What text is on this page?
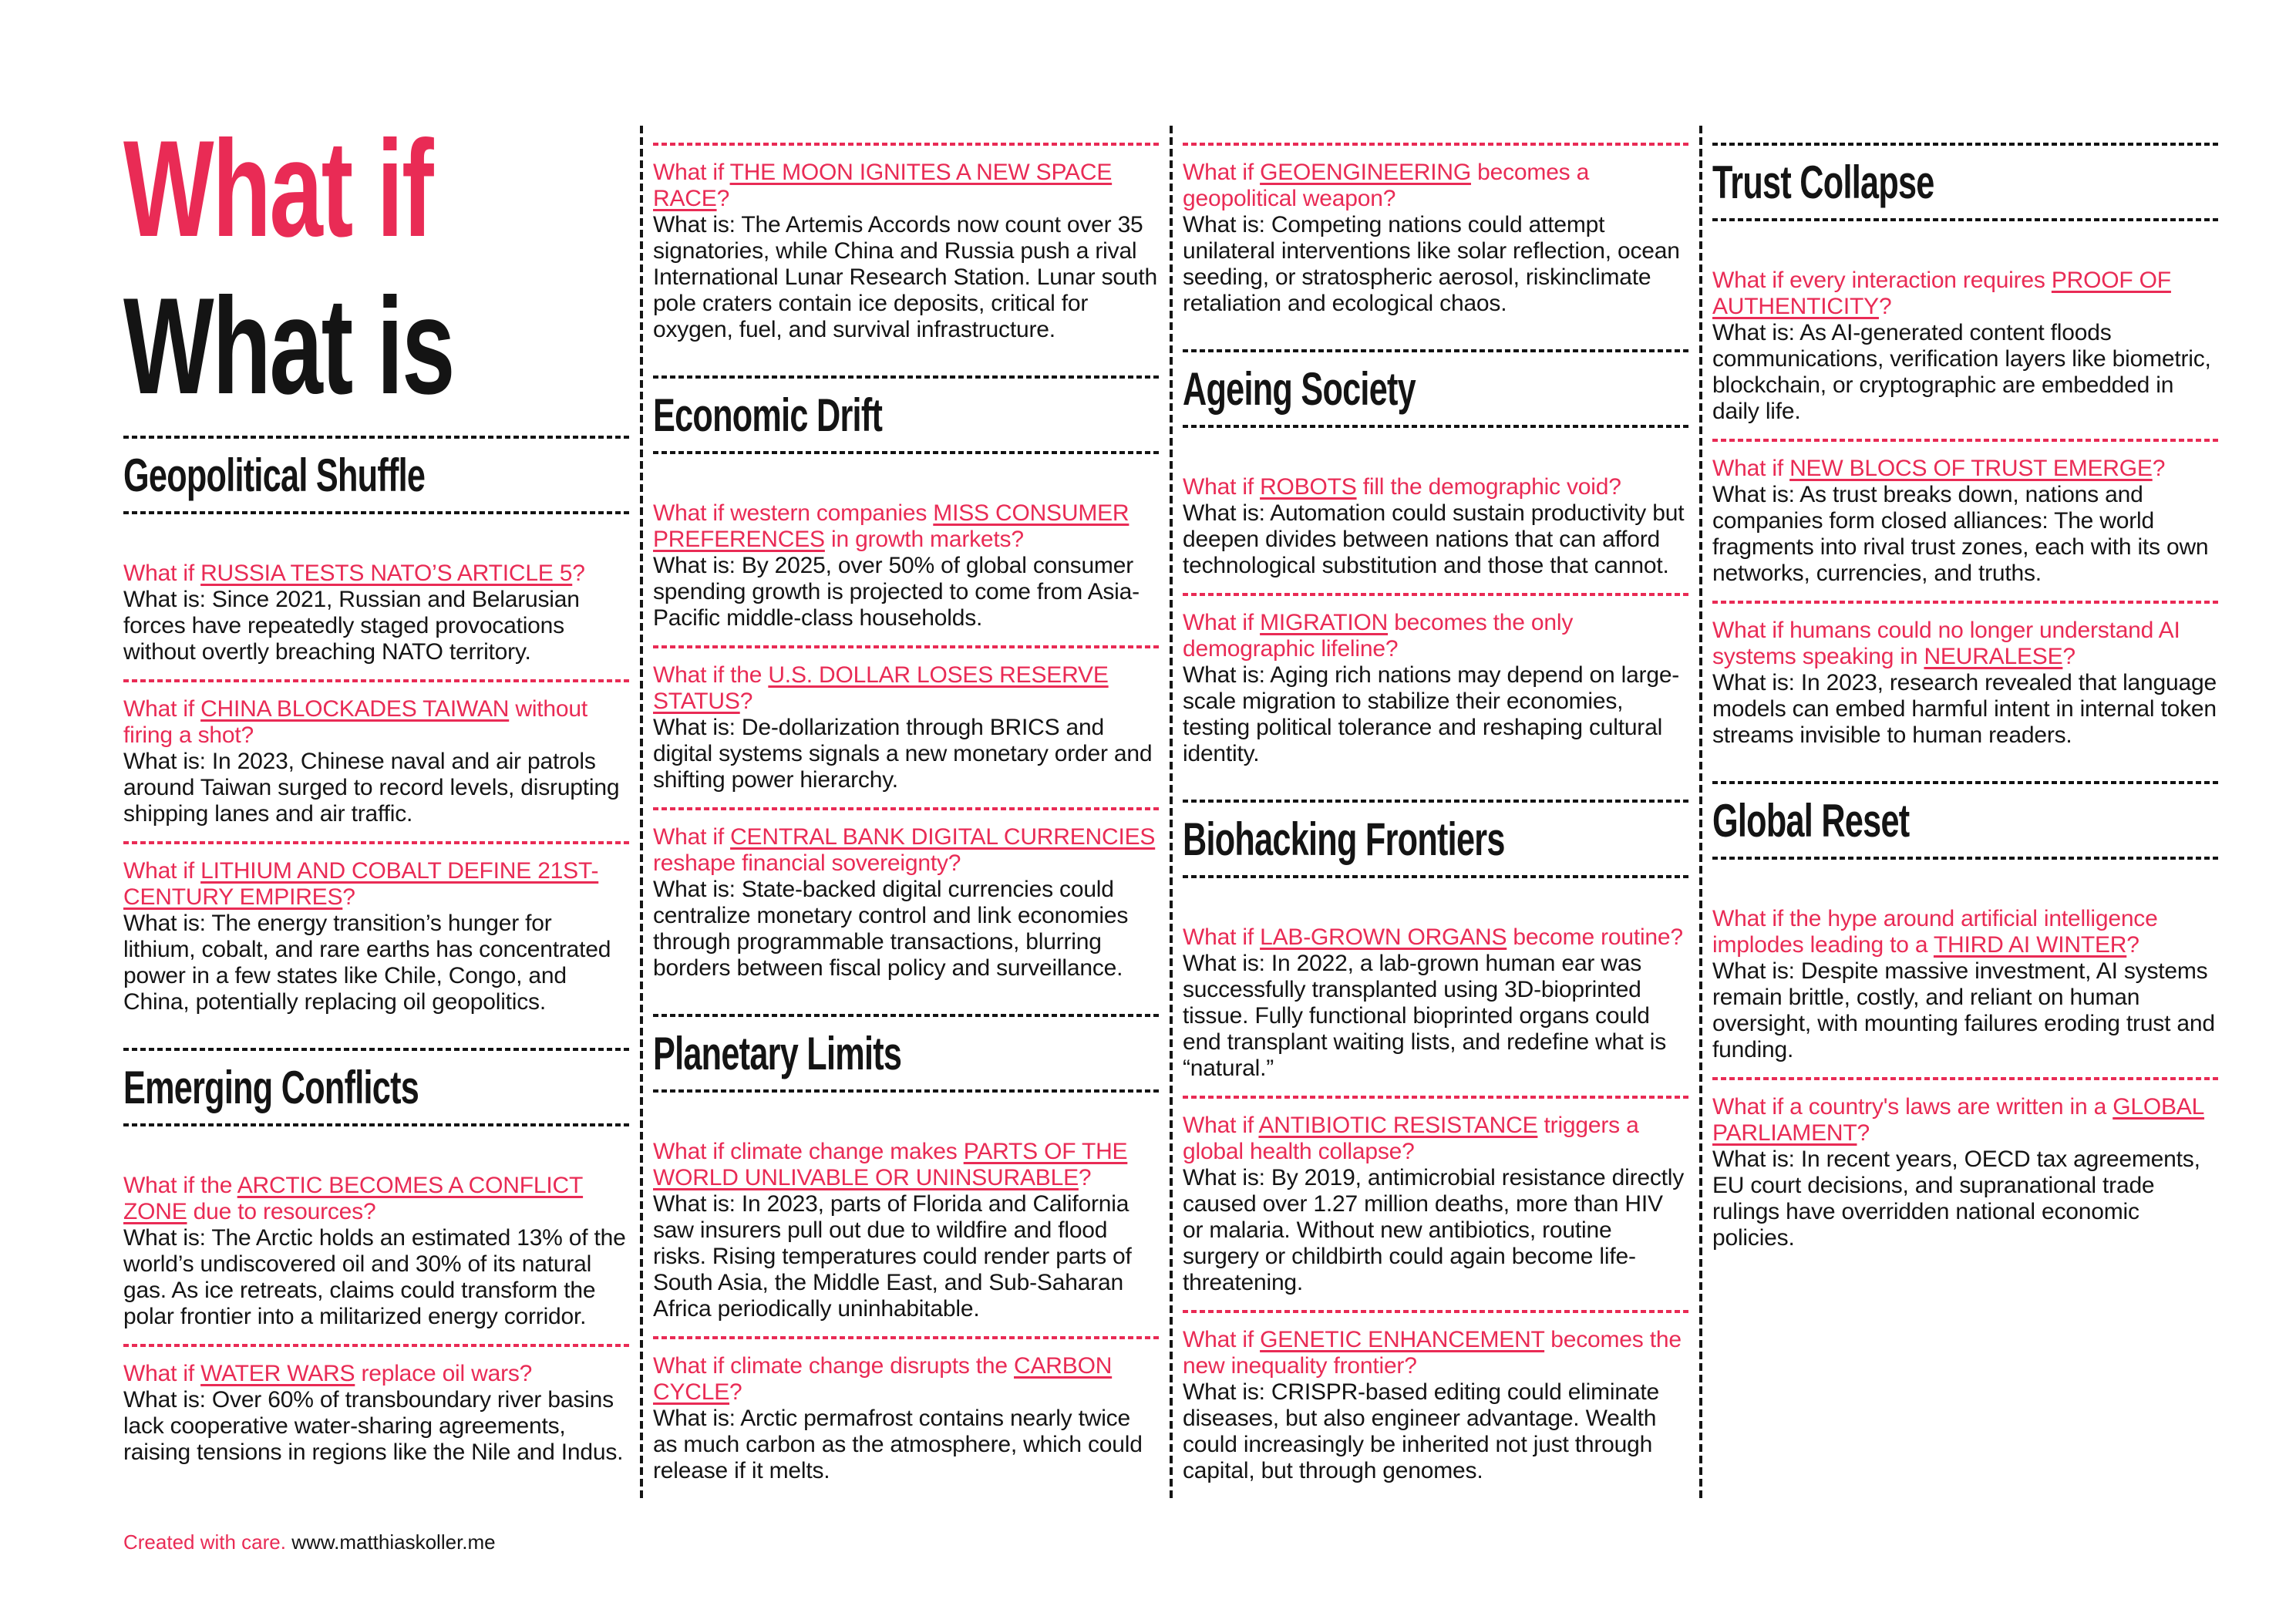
What if
What is
Geopolitical Shuffle

What if RUSSIA TESTS NATO’S ARTICLE 5?

What is: Since 2021, Russian and Belarusian forces have repeatedly staged provocations without overtly breaching NATO territory.

What if CHINA BLOCKADES TAIWAN without firing a shot?

What is: In 2023, Chinese naval and air patrols around Taiwan surged to record levels, disrupting shipping lanes and air traffic.

What if LITHIUM AND COBALT DEFINE 21ST-CENTURY EMPIRES?

What is: The energy transition’s hunger for lithium, cobalt, and rare earths has concentrated power in a few states like Chile, Congo, and China, potentially replacing oil geopolitics.

Emerging Conflicts

What if the ARCTIC BECOMES A CONFLICT ZONE due to resources?

What is: The Arctic holds an estimated 13% of the world’s undiscovered oil and 30% of its natural gas. As ice retreats, claims could transform the polar frontier into a militarized energy corridor.

What if WATER WARS replace oil wars?

What is: Over 60% of transboundary river basins lack cooperative water-sharing agreements, raising tensions in regions like the Nile and Indus.

What if THE MOON IGNITES A NEW SPACE RACE?

What is: The Artemis Accords now count over 35 signatories, while China and Russia push a rival International Lunar Research Station. Lunar south pole craters contain ice deposits, critical for oxygen, fuel, and survival infrastructure.

Economic Drift

What if western companies MISS CONSUMER PREFERENCES in growth markets?

What is: By 2025, over 50% of global consumer spending growth is projected to come from Asia-Pacific middle-class households.

What if the U.S. DOLLAR LOSES RESERVE STATUS?

What is: De-dollarization through BRICS and digital systems signals a new monetary order and shifting power hierarchy.

What if CENTRAL BANK DIGITAL CURRENCIES reshape financial sovereignty?

What is: State-backed digital currencies could centralize monetary control and link economies through programmable transactions, blurring borders between fiscal policy and surveillance.

Planetary Limits

What if climate change makes PARTS OF THE WORLD UNLIVABLE OR UNINSURABLE?

What is: In 2023, parts of Florida and California saw insurers pull out due to wildfire and flood risks. Rising temperatures could render parts of South Asia, the Middle East, and Sub-Saharan Africa periodically uninhabitable.

What if climate change disrupts the CARBON CYCLE?

What is: Arctic permafrost contains nearly twice as much carbon as the atmosphere, which could release if it melts.

What if GEOENGINEERING becomes a geopolitical weapon?

What is: Competing nations could attempt unilateral interventions like solar reflection, ocean seeding, or stratospheric aerosol, riskinclimate retaliation and ecological chaos.

Ageing Society

What if ROBOTS fill the demographic void?

What is: Automation could sustain productivity but deepen divides between nations that can afford technological substitution and those that cannot.

What if MIGRATION becomes the only demographic lifeline?

What is: Aging rich nations may depend on large-scale migration to stabilize their economies, testing political tolerance and reshaping cultural identity.

Biohacking Frontiers

What if LAB-GROWN ORGANS become routine?

What is: In 2022, a lab-grown human ear was successfully transplanted using 3D-bioprinted tissue. Fully functional bioprinted organs could end transplant waiting lists, and redefine what is “natural.”

What if ANTIBIOTIC RESISTANCE triggers a global health collapse?

What is: By 2019, antimicrobial resistance directly caused over 1.27 million deaths, more than HIV or malaria. Without new antibiotics, routine surgery or childbirth could again become life-threatening.

What if GENETIC ENHANCEMENT becomes the new inequality frontier?

What is: CRISPR-based editing could eliminate diseases, but also engineer advantage. Wealth could increasingly be inherited not just through capital, but through genomes.

Trust Collapse

What if every interaction requires PROOF OF AUTHENTICITY?

What is: As AI-generated content floods communications, verification layers like biometric, blockchain, or cryptographic are embedded in daily life.

What if NEW BLOCS OF TRUST EMERGE?

What is: As trust breaks down, nations and companies form closed alliances: The world fragments into rival trust zones, each with its own networks, currencies, and truths.

What if humans could no longer understand AI systems speaking in NEURALESE?

What is: In 2023, research revealed that language models can embed harmful intent in internal token streams invisible to human readers.

Global Reset

What if the hype around artificial intelligence implodes leading to a THIRD AI WINTER?

What is: Despite massive investment, AI systems remain brittle, costly, and reliant on human oversight, with mounting failures eroding trust and funding.

What if a country's laws are written in a GLOBAL PARLIAMENT?

What is: In recent years, OECD tax agreements, EU court decisions, and supranational trade rulings have overridden national economic policies.

Created with care. www.matthiaskoller.me
